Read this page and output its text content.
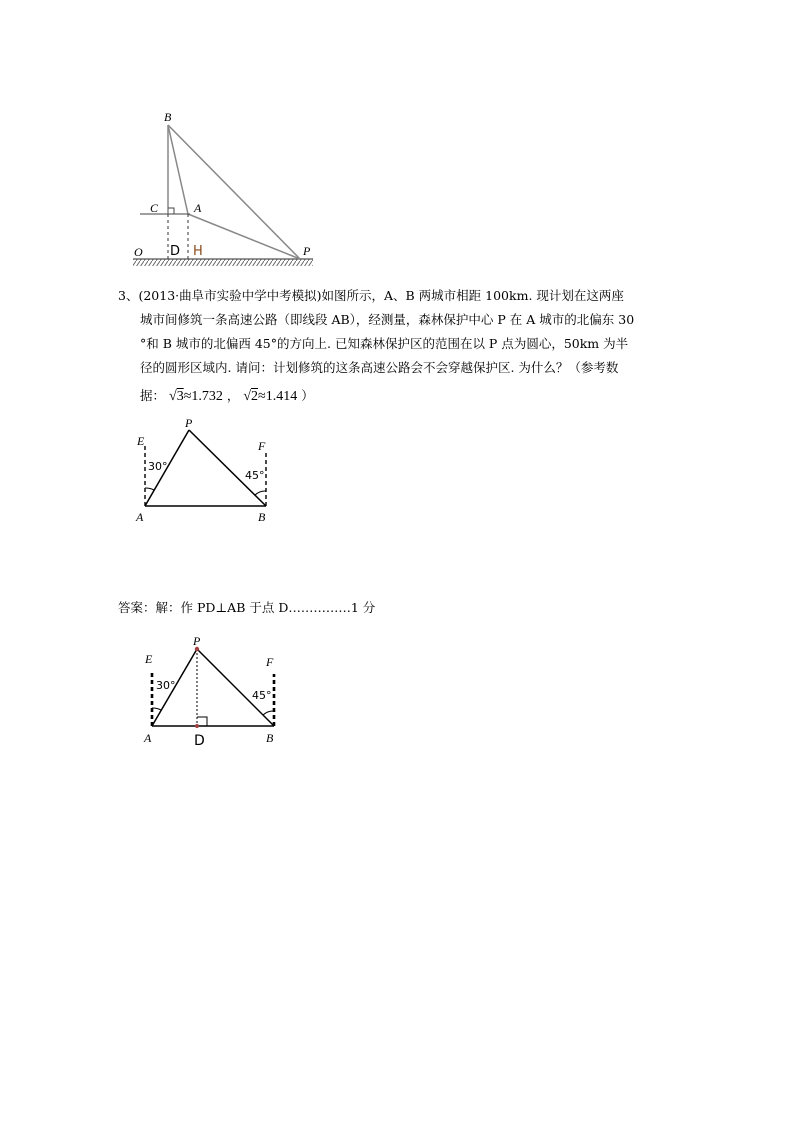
B
C	A
O D H	P
3、(2013·曲阜市实验中学中考模拟)如图所示，A、B 两城市相距 100km. 现计划在这两座
城市间修筑一条高速公路（即线段 AB），经测量，森林保护中心 P 在 A 城市的北偏东 30
°和 B 城市的北偏西 45°的方向上. 已知森林保护区的范围在以 P 点为圆心，50km 为半
径的圆形区域内. 请问：计划修筑的这条高速公路会不会穿越保护区. 为什么？（参考数
据： √3≈1.732 ， √2≈1.414 ）
P
E	F
A	B
30°
45°
答案：解：作 PD⊥AB 于点 D……………1 分
P
E	F
A	D	B
30°
45°
